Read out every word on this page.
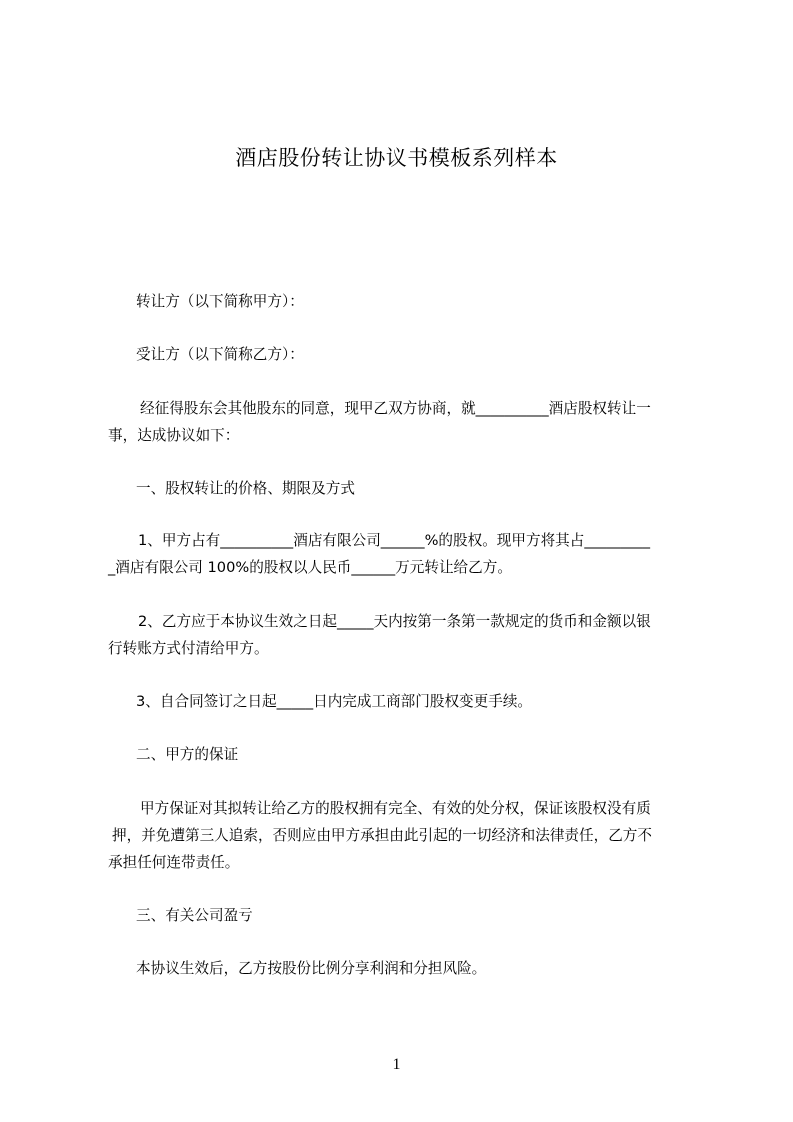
酒店股份转让协议书模板系列样本
转让方（以下简称甲方）：
受让方（以下简称乙方）：
经征得股东会其他股东的同意，现甲乙双方协商，就__________酒店股权转让一
事，达成协议如下：
一、股权转让的价格、期限及方式
1、甲方占有__________酒店有限公司______%的股权。现甲方将其占_________
_酒店有限公司 100%的股权以人民币______万元转让给乙方。
2、乙方应于本协议生效之日起_____天内按第一条第一款规定的货币和金额以银
行转账方式付清给甲方。
3、自合同签订之日起_____日内完成工商部门股权变更手续。
二、甲方的保证
甲方保证对其拟转让给乙方的股权拥有完全、有效的处分权，保证该股权没有质
押，并免遭第三人追索，否则应由甲方承担由此引起的一切经济和法律责任，乙方不
承担任何连带责任。
三、有关公司盈亏
本协议生效后，乙方按股份比例分享利润和分担风险。
1
